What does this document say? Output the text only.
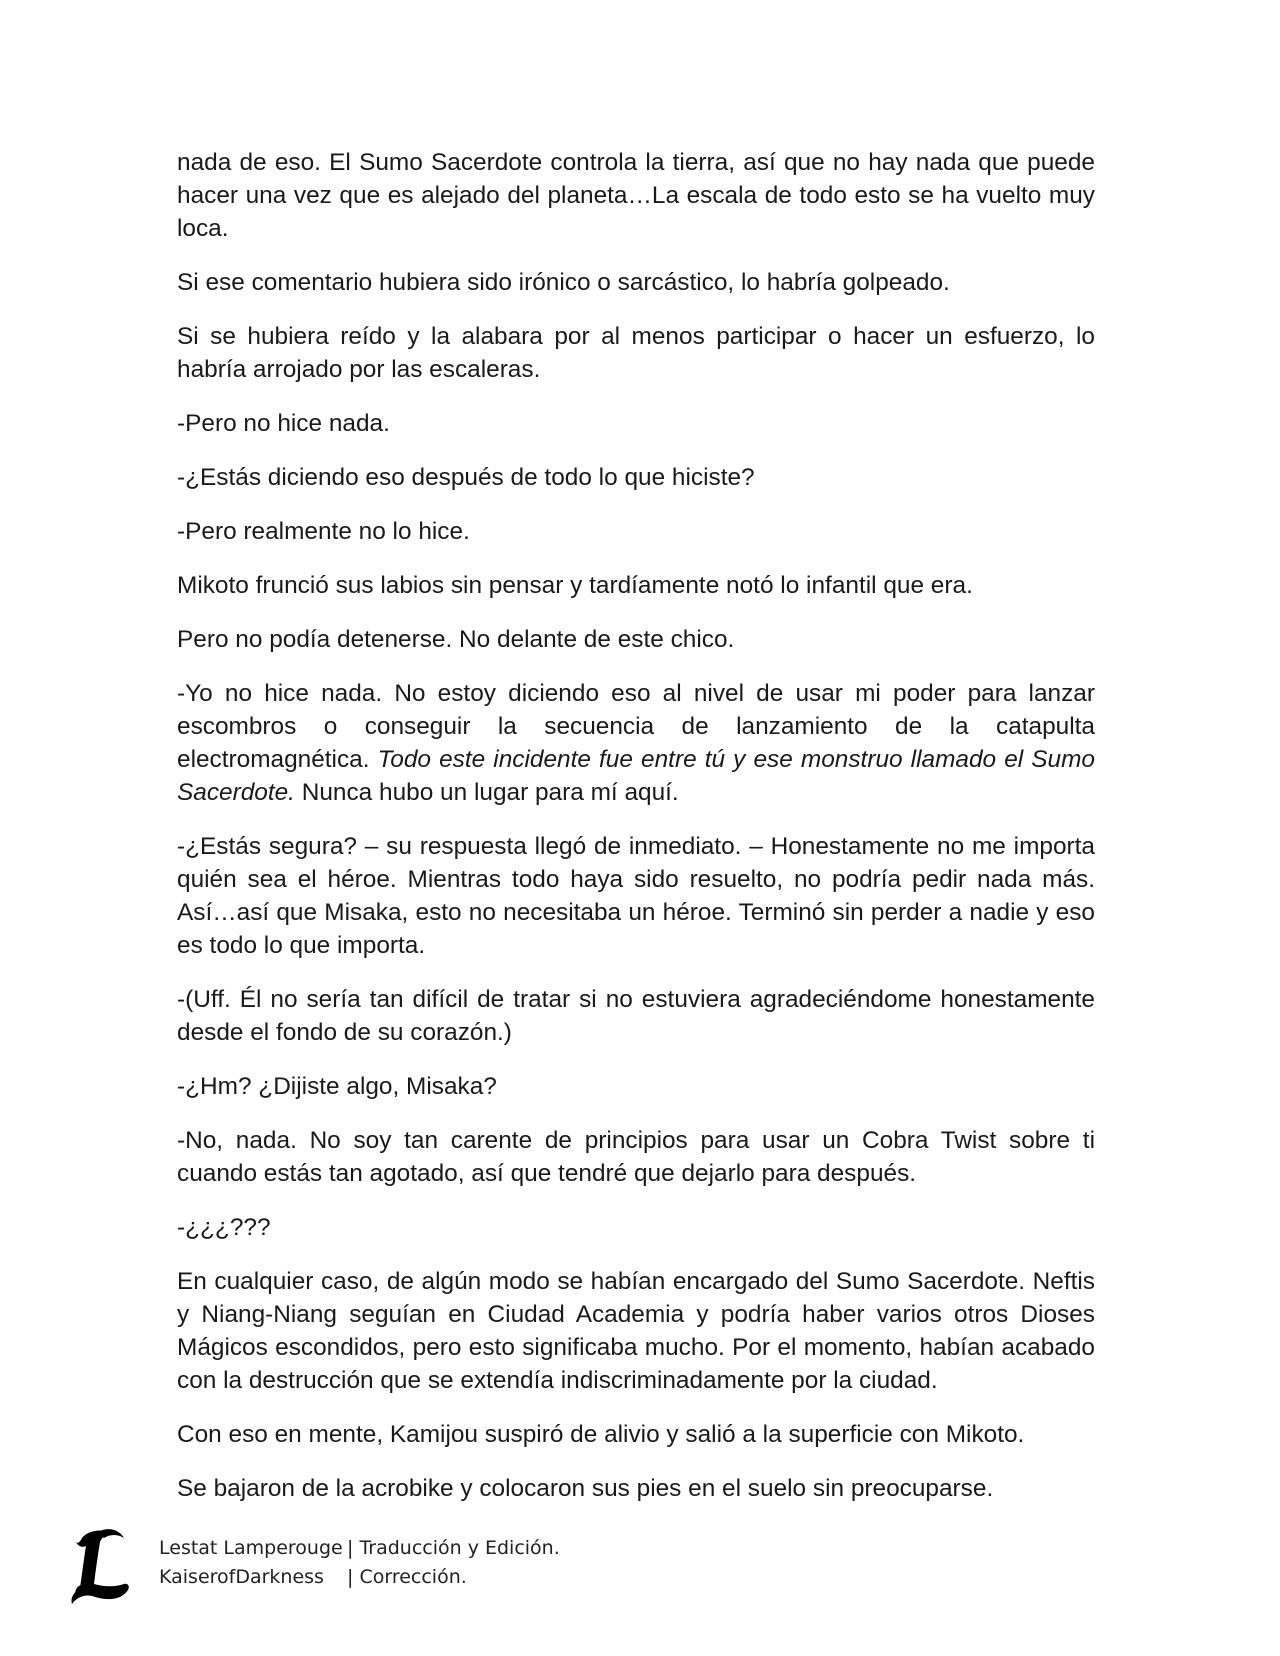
nada de eso. El Sumo Sacerdote controla la tierra, así que no hay nada que puede hacer una vez que es alejado del planeta…La escala de todo esto se ha vuelto muy loca.

Si ese comentario hubiera sido irónico o sarcástico, lo habría golpeado.

Si se hubiera reído y la alabara por al menos participar o hacer un esfuerzo, lo habría arrojado por las escaleras.

-Pero no hice nada.

-¿Estás diciendo eso después de todo lo que hiciste?

-Pero realmente no lo hice.

Mikoto frunció sus labios sin pensar y tardíamente notó lo infantil que era.

Pero no podía detenerse. No delante de este chico.

-Yo no hice nada. No estoy diciendo eso al nivel de usar mi poder para lanzar escombros o conseguir la secuencia de lanzamiento de la catapulta electromagnética. Todo este incidente fue entre tú y ese monstruo llamado el Sumo Sacerdote. Nunca hubo un lugar para mí aquí.

-¿Estás segura? – su respuesta llegó de inmediato. – Honestamente no me importa quién sea el héroe. Mientras todo haya sido resuelto, no podría pedir nada más. Así…así que Misaka, esto no necesitaba un héroe. Terminó sin perder a nadie y eso es todo lo que importa.

-(Uff. Él no sería tan difícil de tratar si no estuviera agradeciéndome honestamente desde el fondo de su corazón.)

-¿Hm? ¿Dijiste algo, Misaka?

-No, nada. No soy tan carente de principios para usar un Cobra Twist sobre ti cuando estás tan agotado, así que tendré que dejarlo para después.

-¿¿¿???

En cualquier caso, de algún modo se habían encargado del Sumo Sacerdote. Neftis y Niang-Niang seguían en Ciudad Academia y podría haber varios otros Dioses Mágicos escondidos, pero esto significaba mucho. Por el momento, habían acabado con la destrucción que se extendía indiscriminadamente por la ciudad.

Con eso en mente, Kamijou suspiró de alivio y salió a la superficie con Mikoto.

Se bajaron de la acrobike y colocaron sus pies en el suelo sin preocuparse.

Lestat Lamperouge | Traducción y Edición.
KaiserofDarkness	| Corrección.
